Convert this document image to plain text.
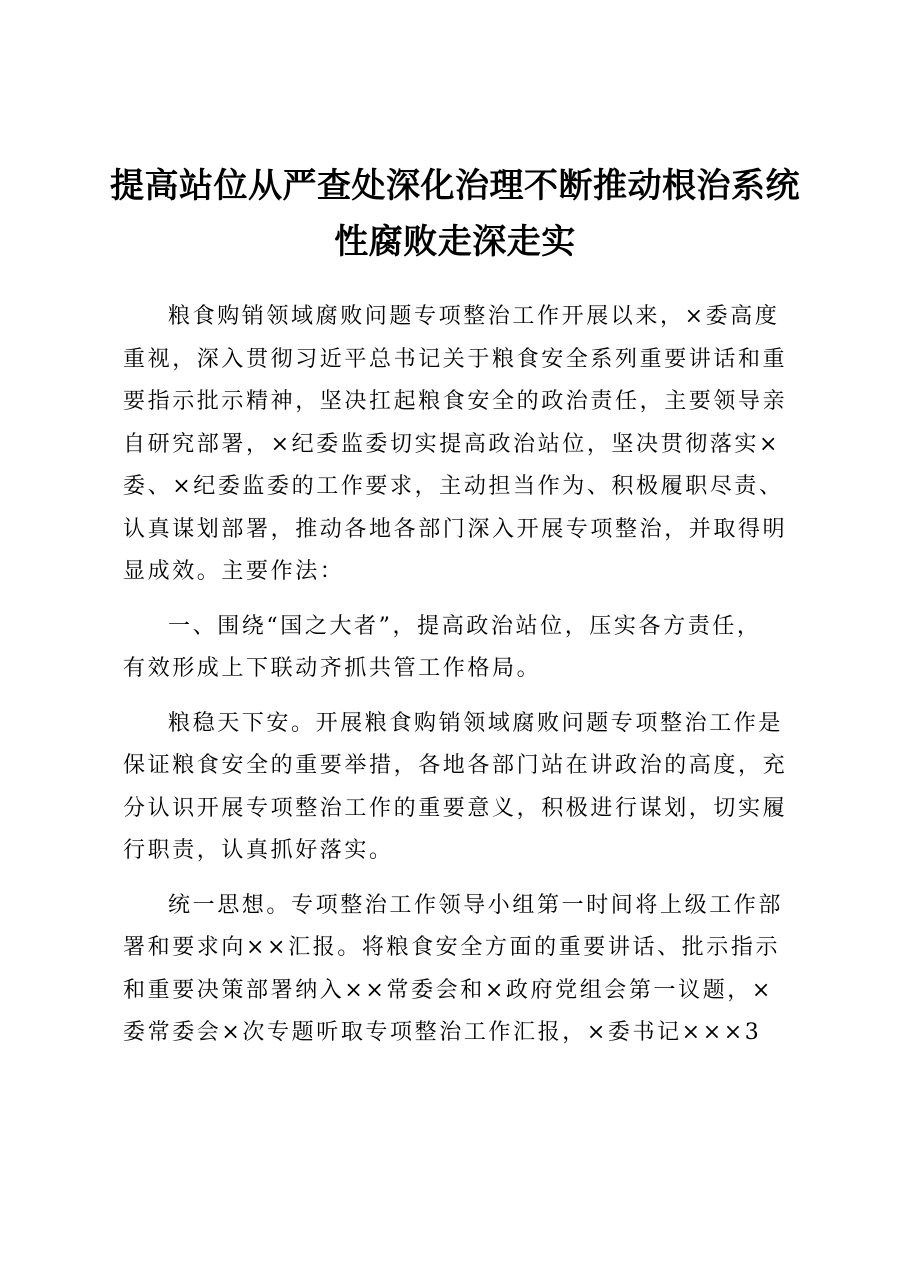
提高站位从严查处深化治理不断推动根治系统
性腐败走深走实

粮食购销领域腐败问题专项整治工作开展以来，×委高度
重视，深入贯彻习近平总书记关于粮食安全系列重要讲话和重
要指示批示精神，坚决扛起粮食安全的政治责任，主要领导亲
自研究部署，×纪委监委切实提高政治站位，坚决贯彻落实×
委、×纪委监委的工作要求，主动担当作为、积极履职尽责、
认真谋划部署，推动各地各部门深入开展专项整治，并取得明
显成效。主要作法：

一、围绕“国之大者”，提高政治站位，压实各方责任，
有效形成上下联动齐抓共管工作格局。

粮稳天下安。开展粮食购销领域腐败问题专项整治工作是
保证粮食安全的重要举措，各地各部门站在讲政治的高度，充
分认识开展专项整治工作的重要意义，积极进行谋划，切实履
行职责，认真抓好落实。

统一思想。专项整治工作领导小组第一时间将上级工作部
署和要求向××汇报。将粮食安全方面的重要讲话、批示指示
和重要决策部署纳入××常委会和×政府党组会第一议题，×
委常委会×次专题听取专项整治工作汇报，×委书记×××3
